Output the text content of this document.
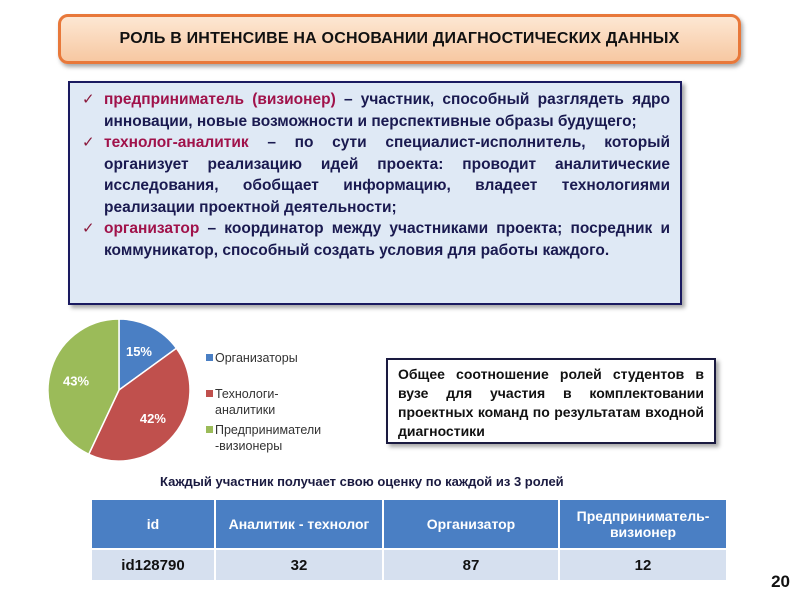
РОЛЬ В ИНТЕНСИВЕ НА ОСНОВАНИИ ДИАГНОСТИЧЕСКИХ ДАННЫХ
✓ предприниматель (визионер) – участник, способный разглядеть ядро инновации, новые возможности и перспективные образы будущего;
✓ технолог-аналитик – по сути специалист-исполнитель, который организует реализацию идей проекта: проводит аналитические исследования, обобщает информацию, владеет технологиями реализации проектной деятельности;
✓ организатор – координатор между участниками проекта; посредник и коммуникатор, способный создать условия для работы каждого.
15%
42%
43%
Организаторы
Технологи-
аналитики
Предприниматели
-визионеры
Общее соотношение ролей студентов в вузе для участия в комплектовании проектных команд по результатам входной диагностики
Каждый участник получает свою оценку по каждой из 3 ролей
id	Аналитик - технолог	Организатор	Предприниматель-визионер
id128790	32	87	12
20
